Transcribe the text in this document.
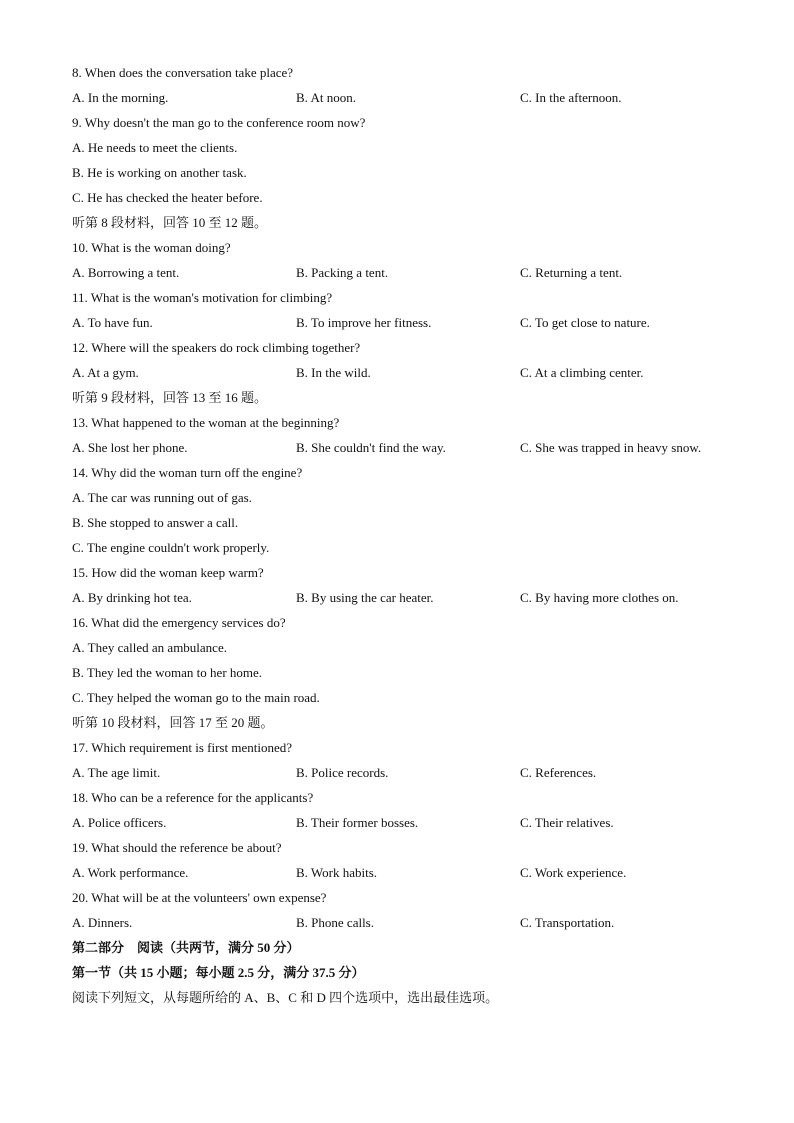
8. When does the conversation take place?
A. In the morning.	B. At noon.	C. In the afternoon.
9. Why doesn't the man go to the conference room now?
A. He needs to meet the clients.
B. He is working on another task.
C. He has checked the heater before.
听第 8 段材料，回答 10 至 12 题。
10. What is the woman doing?
A. Borrowing a tent.	B. Packing a tent.	C. Returning a tent.
11. What is the woman's motivation for climbing?
A. To have fun.	B. To improve her fitness.	C. To get close to nature.
12. Where will the speakers do rock climbing together?
A. At a gym.	B. In the wild.	C. At a climbing center.
听第 9 段材料，回答 13 至 16 题。
13. What happened to the woman at the beginning?
A. She lost her phone.	B. She couldn't find the way.	C. She was trapped in heavy snow.
14. Why did the woman turn off the engine?
A. The car was running out of gas.
B. She stopped to answer a call.
C. The engine couldn't work properly.
15. How did the woman keep warm?
A. By drinking hot tea.	B. By using the car heater.	C. By having more clothes on.
16. What did the emergency services do?
A. They called an ambulance.
B. They led the woman to her home.
C. They helped the woman go to the main road.
听第 10 段材料，回答 17 至 20 题。
17. Which requirement is first mentioned?
A. The age limit.	B. Police records.	C. References.
18. Who can be a reference for the applicants?
A. Police officers.	B. Their former bosses.	C. Their relatives.
19. What should the reference be about?
A. Work performance.	B. Work habits.	C. Work experience.
20. What will be at the volunteers' own expense?
A. Dinners.	B. Phone calls.	C. Transportation.
第二部分　阅读（共两节，满分 50 分）
第一节（共 15 小题；每小题 2.5 分，满分 37.5 分）
阅读下列短文，从每题所给的 A、B、C 和 D 四个选项中，选出最佳选项。
